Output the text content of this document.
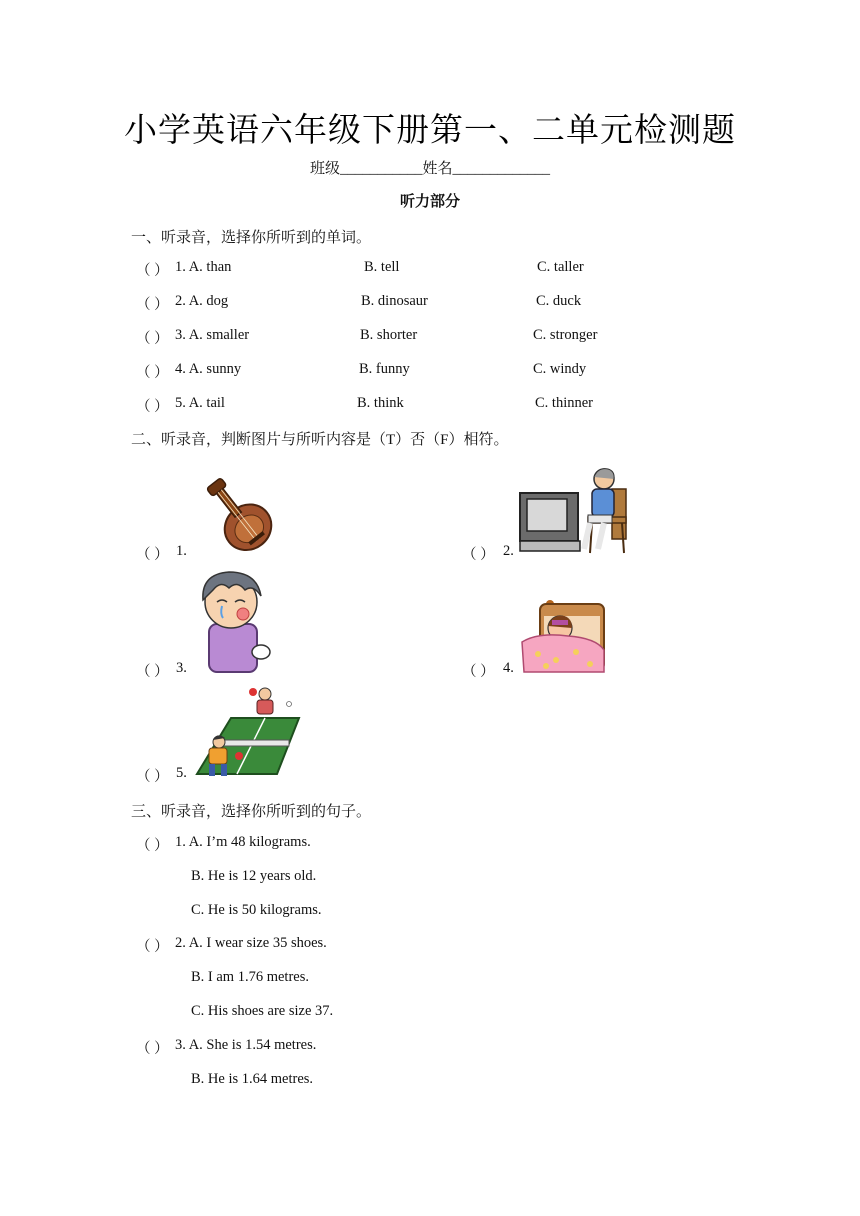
小学英语六年级下册第一、二单元检测题
班级___________姓名_____________
听力部分
一、听录音，选择你所听到的单词。
（ ） 1. A. than	B. tell	C. taller
（ ） 2. A. dog	B. dinosaur	C. duck
（ ） 3. A. smaller	B. shorter	C. stronger
（ ） 4. A. sunny	B. funny	C. windy
（ ） 5. A. tail	B. think	C. thinner
二、听录音，判断图片与所听内容是（T）否（F）相符。
（ ） 1.	（ ） 2.
（ ） 3.	（ ） 4.
（ ） 5.
三、听录音，选择你所听到的句子。
（ ） 1. A. I’m 48 kilograms.
B. He is 12 years old.
C. He is 50 kilograms.
（ ） 2. A. I wear size 35 shoes.
B. I am 1.76 metres.
C. His shoes are size 37.
（ ） 3. A. She is 1.54 metres.
B. He is 1.64 metres.
